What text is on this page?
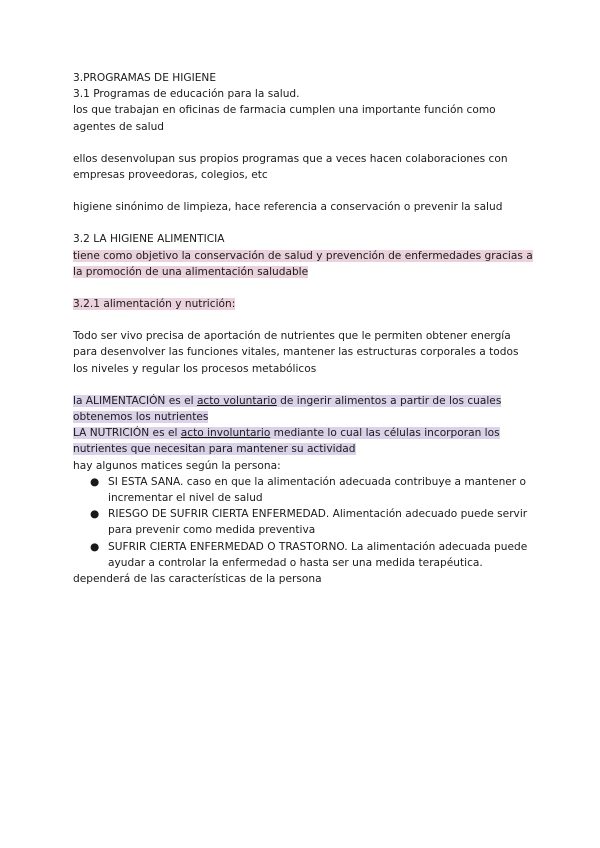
3.PROGRAMAS DE HIGIENE

3.1 Programas de educación para la salud.

los que trabajan en oficinas de farmacia cumplen una importante función como agentes de salud

ellos desenvolupan sus propios programas que a veces hacen colaboraciones con empresas proveedoras, colegios, etc

higiene sinónimo de limpieza, hace referencia a conservación o prevenir la salud

3.2 LA HIGIENE ALIMENTICIA

tiene como objetivo la conservación de salud y prevención de enfermedades gracias a la promoción de una alimentación saludable

3.2.1 alimentación y nutrición:

Todo ser vivo precisa de aportación de nutrientes que le permiten obtener energía para desenvolver las funciones vitales, mantener las estructuras corporales a todos los niveles y regular los procesos metabólicos

la ALIMENTACIÓN es el acto voluntario de ingerir alimentos a partir de los cuales obtenemos los nutrientes

LA NUTRICIÓN es el acto involuntario mediante lo cual las células incorporan los nutrientes que necesitan para mantener su actividad

hay algunos matices según la persona:

● SI ESTA SANA. caso en que la alimentación adecuada contribuye a mantener o incrementar el nivel de salud
● RIESGO DE SUFRIR CIERTA ENFERMEDAD. Alimentación adecuado puede servir para prevenir como medida preventiva
● SUFRIR CIERTA ENFERMEDAD O TRASTORNO. La alimentación adecuada puede ayudar a controlar la enfermedad o hasta ser una medida terapéutica.

dependerá de las características de la persona
